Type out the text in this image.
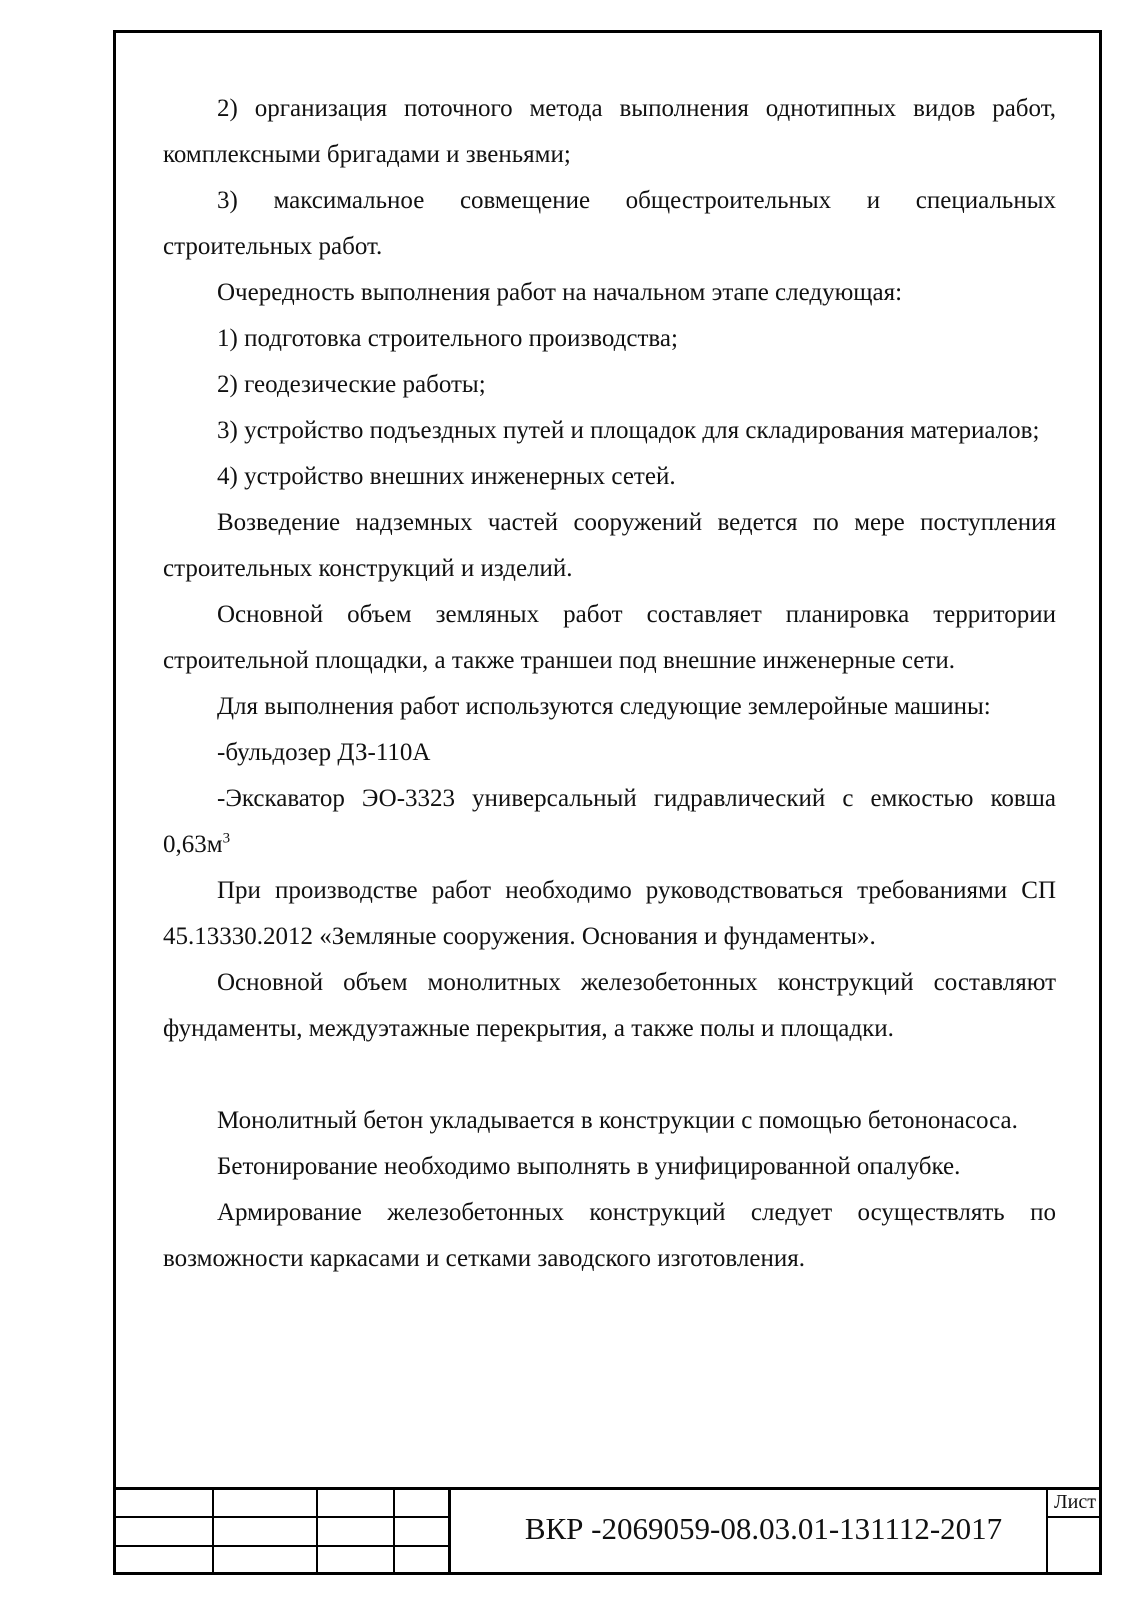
2) организация поточного метода выполнения однотипных видов работ, комплексными бригадами и звеньями;

3) максимальное совмещение общестроительных и специальных строительных работ.

Очередность выполнения работ на начальном этапе следующая:

1) подготовка строительного производства;

2) геодезические работы;

3) устройство подъездных путей и площадок для складирования материалов;

4) устройство внешних инженерных сетей.

Возведение надземных частей сооружений ведется по мере поступления строительных конструкций и изделий.

Основной объем земляных работ составляет планировка территории строительной площадки, а также траншеи под внешние инженерные сети.

Для выполнения работ используются следующие землеройные машины:

-бульдозер ДЗ-110А

-Экскаватор ЭО-3323 универсальный гидравлический с емкостью ковша $0,63м^3$

При производстве работ необходимо руководствоваться требованиями СП 45.13330.2012 «Земляные сооружения. Основания и фундаменты».

Основной объем монолитных железобетонных конструкций составляют фундаменты, междуэтажные перекрытия, а также полы и площадки.

Монолитный бетон укладывается в конструкции с помощью бетононасоса.

Бетонирование необходимо выполнять в унифицированной опалубке.

Армирование железобетонных конструкций следует осуществлять по возможности каркасами и сетками заводского изготовления.

ВКР -2069059-08.03.01-131112-2017
Лист
